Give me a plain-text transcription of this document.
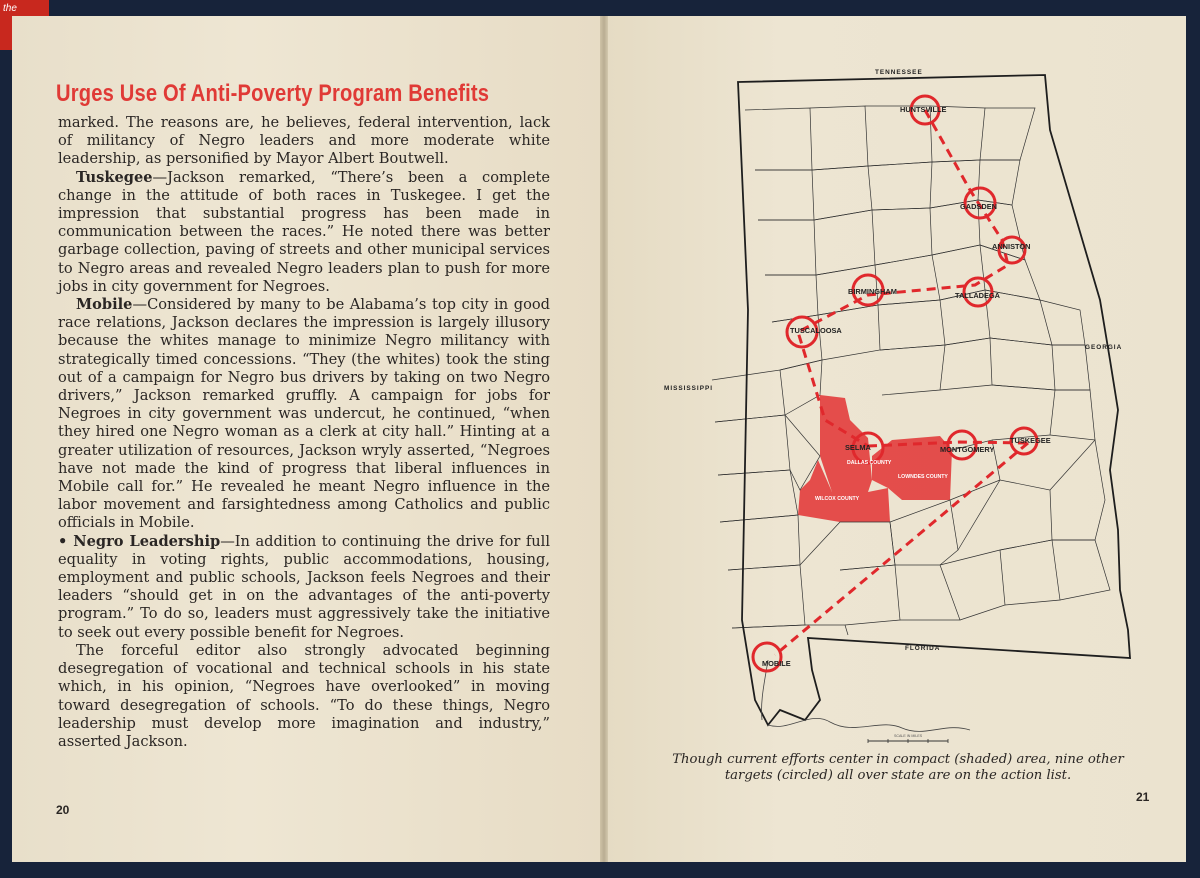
the
Urges Use Of Anti-Poverty Program Benefits

marked. The reasons are, he believes, federal intervention, lack of militancy of Negro leaders and more moderate white leadership, as personified by Mayor Albert Boutwell.

Tuskegee—Jackson remarked, “There’s been a complete change in the attitude of both races in Tuskegee. I get the impression that substantial progress has been made in communication between the races.” He noted there was better garbage collection, paving of streets and other municipal services to Negro areas and revealed Negro leaders plan to push for more jobs in city government for Negroes.

Mobile—Considered by many to be Alabama’s top city in good race relations, Jackson declares the impression is largely illusory because the whites manage to minimize Negro militancy with strategically timed concessions. “They (the whites) took the sting out of a campaign for Negro bus drivers by taking on two Negro drivers,” Jackson remarked gruffly. A campaign for jobs for Negroes in city government was undercut, he continued, “when they hired one Negro woman as a clerk at city hall.” Hinting at a greater utilization of resources, Jackson wryly asserted, “Negroes have not made the kind of progress that liberal influences in Mobile call for.” He revealed he meant Negro influence in the labor movement and farsightedness among Catholics and public officials in Mobile.

• Negro Leadership—In addition to continuing the drive for full equality in voting rights, public accommodations, housing, employment and public schools, Jackson feels Negroes and their leaders “should get in on the advantages of the anti-poverty program.” To do so, leaders must aggressively take the initiative to seek out every possible benefit for Negroes.

The forceful editor also strongly advocated beginning desegregation of vocational and technical schools in his state which, in his opinion, “Negroes have overlooked” in moving toward desegregation of schools. “To do these things, Negro leadership must develop more imagination and industry,” asserted Jackson.

20
TENNESSEE
GEORGIA
MISSISSIPPI
FLORIDA
HUNTSVILLE
GADSDEN
ANNISTON
TALLADEGA
BIRMINGHAM
TUSCALOOSA
SELMA	MONTGOMERY
TUSKEGEE
MOBILE
DALLAS COUNTY
LOWNDES COUNTY
WILCOX COUNTY
SCALE IN MILES
Though current efforts center in compact (shaded) area, nine other targets (circled) all over state are on the action list.
21
